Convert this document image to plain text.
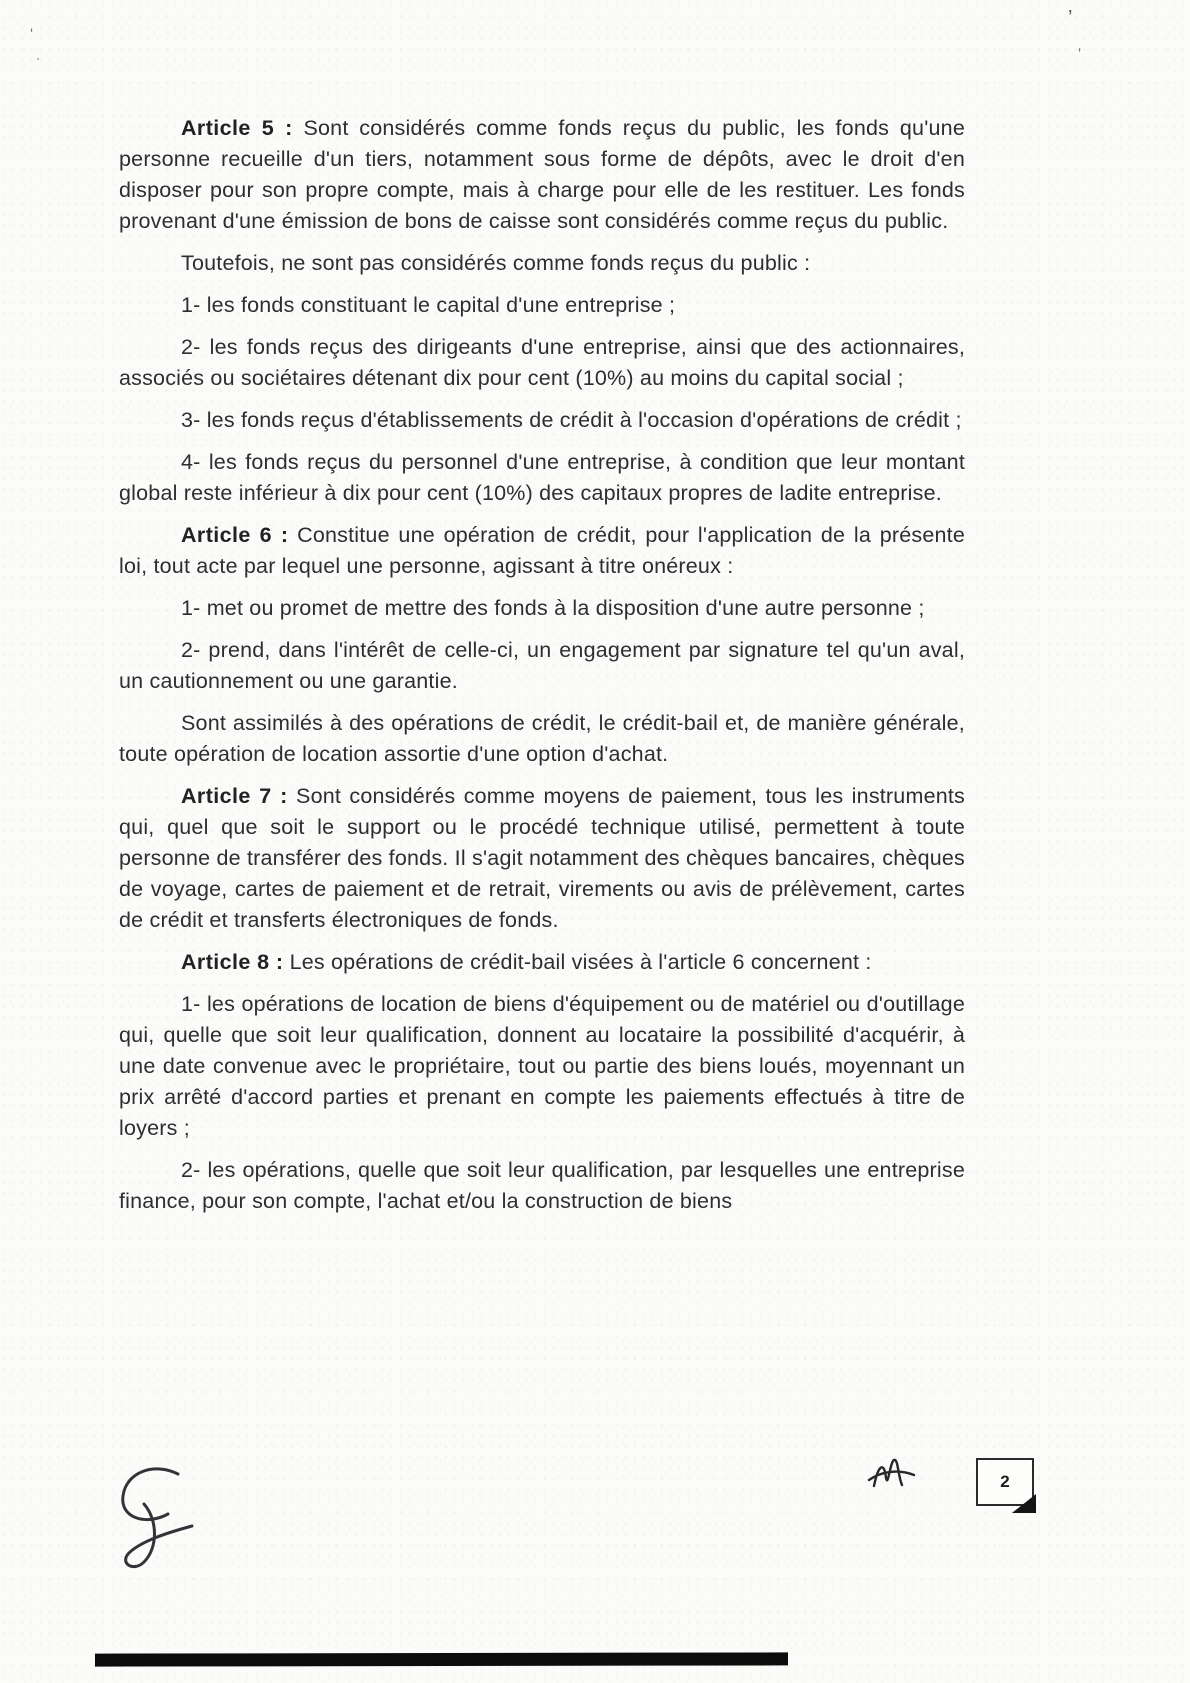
’
’
‘
·

Article 5 : Sont considérés comme fonds reçus du public, les fonds qu'une personne recueille d'un tiers, notamment sous forme de dépôts, avec le droit d'en disposer pour son propre compte, mais à charge pour elle de les restituer. Les fonds provenant d'une émission de bons de caisse sont considérés comme reçus du public.

Toutefois, ne sont pas considérés comme fonds reçus du public :

1- les fonds constituant le capital d'une entreprise ;

2- les fonds reçus des dirigeants d'une entreprise, ainsi que des actionnaires, associés ou sociétaires détenant dix pour cent (10%) au moins du capital social ;

3- les fonds reçus d'établissements de crédit à l'occasion d'opérations de crédit ;

4- les fonds reçus du personnel d'une entreprise, à condition que leur montant global reste inférieur à dix pour cent (10%) des capitaux propres de ladite entreprise.

Article 6 : Constitue une opération de crédit, pour l'application de la présente loi, tout acte par lequel une personne, agissant à titre onéreux :

1- met ou promet de mettre des fonds à la disposition d'une autre personne ;

2- prend, dans l'intérêt de celle-ci, un engagement par signature tel qu'un aval, un cautionnement ou une garantie.

Sont assimilés à des opérations de crédit, le crédit-bail et, de manière générale, toute opération de location assortie d'une option d'achat.

Article 7 : Sont considérés comme moyens de paiement, tous les instruments qui, quel que soit le support ou le procédé technique utilisé, permettent à toute personne de transférer des fonds. Il s'agit notamment des chèques bancaires, chèques de voyage, cartes de paiement et de retrait, virements ou avis de prélèvement, cartes de crédit et transferts électroniques de fonds.

Article 8 : Les opérations de crédit-bail visées à l'article 6 concernent :

1- les opérations de location de biens d'équipement ou de matériel ou d'outillage qui, quelle que soit leur qualification, donnent au locataire la possibilité d'acquérir, à une date convenue avec le propriétaire, tout ou partie des biens loués, moyennant un prix arrêté d'accord parties et prenant en compte les paiements effectués à titre de loyers ;

2- les opérations, quelle que soit leur qualification, par lesquelles une entreprise finance, pour son compte, l'achat et/ou la construction de biens

2
